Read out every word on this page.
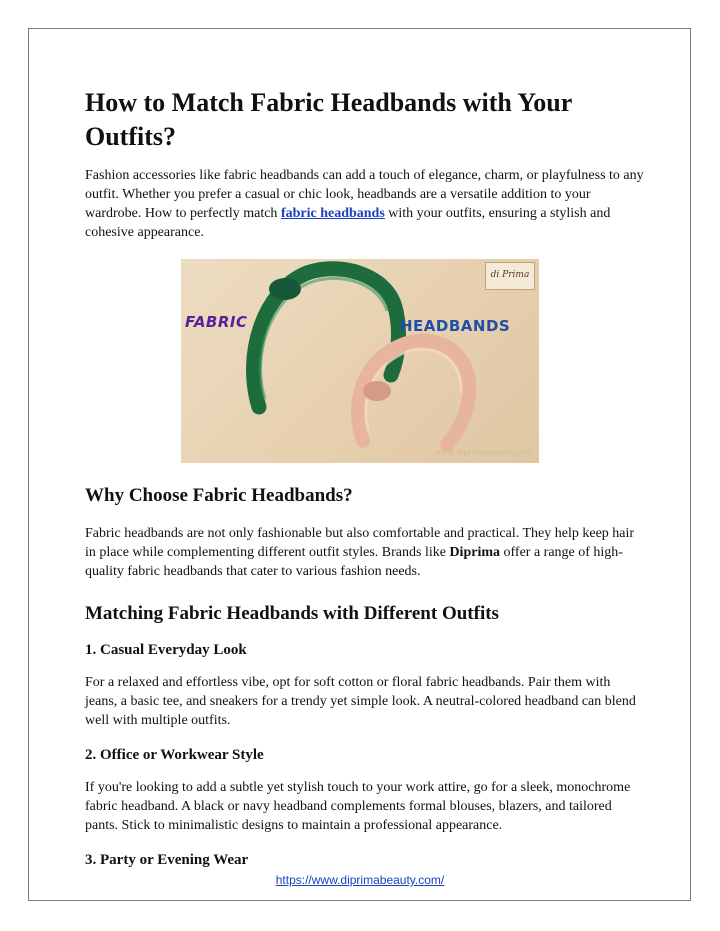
How to Match Fabric Headbands with Your Outfits?

Fashion accessories like fabric headbands can add a touch of elegance, charm, or playfulness to any outfit. Whether you prefer a casual or chic look, headbands are a versatile addition to your wardrobe. How to perfectly match fabric headbands with your outfits, ensuring a stylish and cohesive appearance.

FABRIC	HEADBANDS
di Prima
www.diprimabeauty.com
Why Choose Fabric Headbands?

Fabric headbands are not only fashionable but also comfortable and practical. They help keep hair in place while complementing different outfit styles. Brands like Diprima offer a range of high-quality fabric headbands that cater to various fashion needs.

Matching Fabric Headbands with Different Outfits
1. Casual Everyday Look

For a relaxed and effortless vibe, opt for soft cotton or floral fabric headbands. Pair them with jeans, a basic tee, and sneakers for a trendy yet simple look. A neutral-colored headband can blend well with multiple outfits.

2. Office or Workwear Style

If you're looking to add a subtle yet stylish touch to your work attire, go for a sleek, monochrome fabric headband. A black or navy headband complements formal blouses, blazers, and tailored pants. Stick to minimalistic designs to maintain a professional appearance.

3. Party or Evening Wear
https://www.diprimabeauty.com/
